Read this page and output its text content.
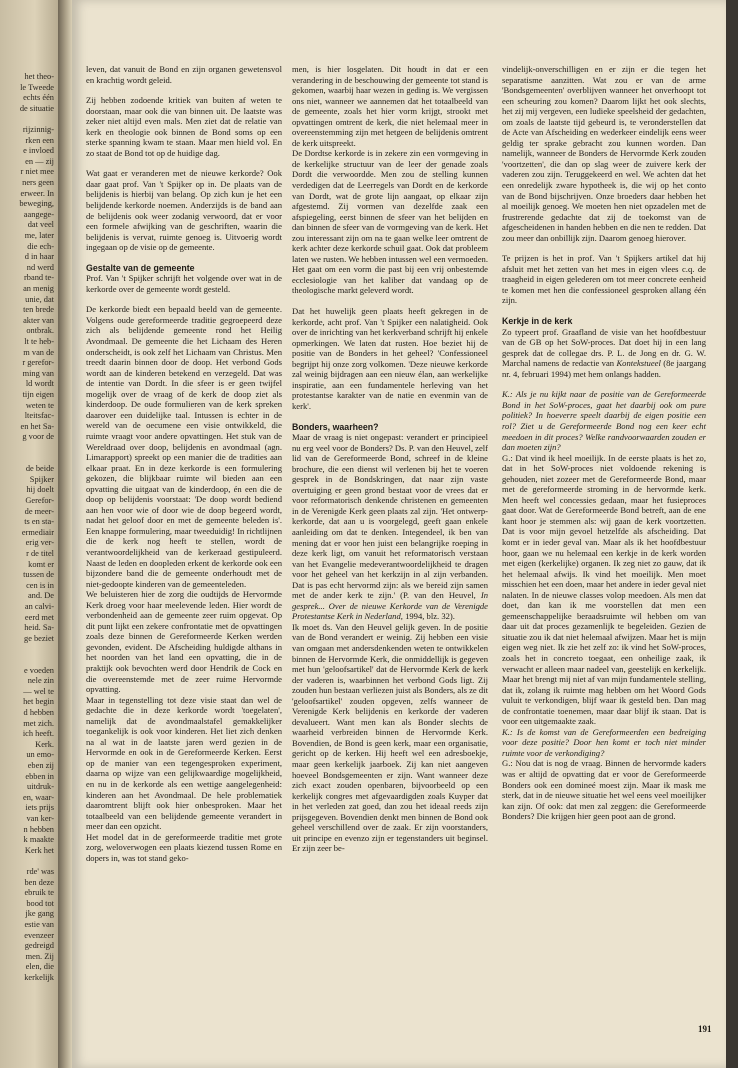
het theo-
le Tweede
echts één
de situatie
rijzinnig-
rken een
e invloed
en — zij
r niet mee
ners geen
erweer. In
beweging,
aangege-
dat veel
me, later
die ech-
d in haar
nd werd
rband te-
an menig
unie, dat
ten brede
akter van
ontbrak.
lt te heb-
m van de
r gerefor-
ming van
ld wordt
tijn eigen
weten te
lteitsfac-
en het Sa-
g voor de
de beide
Spijker
hij doelt
Gerefor-
de meer-
ts en sta-
ermediair
erig ver-
r de titel
komt er
tussen de
cen is in
and. De
an calvi-
eerd met
heid. Sa-
ge beziet
e voeden
nele zin
— wel te
het begin
d hebben
met zich.
ich heeft.
Kerk.
un emo-
eben zij
ebben in
uitdruk-
en, waar-
iets prijs
van ker-
n hebben
k maakte
Kerk het
rde' was
ben deze
ebruik te
bood tot
jke gang
estie van
evenzeer
gedreigd
men. Zij
elen, die
kerkelijk

leven, dat vanuit de Bond en zijn organen gewetensvol en krachtig wordt geleid.

Zij hebben zodoende kritiek van buiten af weten te doorstaan, maar ook die van binnen uit. De laatste was zeker niet altijd even mals. Men ziet dat de relatie van kerk en theologie ook binnen de Bond soms op een sterke spanning kwam te staan. Maar men hield vol. En zo staat de Bond tot op de huidige dag.

Wat gaat er veranderen met de nieuwe kerkorde? Ook daar gaat prof. Van 't Spijker op in. De plaats van de belijdenis is hierbij van belang. Op zich kun je het een belijdende kerkorde noemen. Anderzijds is de band aan de belijdenis ook weer zodanig verwoord, dat er voor een formele afwijking van de geschriften, waarin die belijdenis is vervat, ruimte genoeg is. Uitvoerig wordt ingegaan op de visie op de gemeente.

Gestalte van de gemeente

Prof. Van 't Spijker schrijft het volgende over wat in de kerkorde over de gemeente wordt gesteld.

De kerkorde biedt een bepaald beeld van de gemeente. Volgens oude gereformeerde traditie gegroepeerd deze zich als belijdende gemeente rond het Heilig Avondmaal. De gemeente die het Lichaam des Heren onderscheidt, is ook zelf het Lichaam van Christus. Men treedt daarin binnen door de doop. Het verbond Gods wordt aan de kinderen betekend en verzegeld. Dat was de intentie van Dordt. In die sfeer is er geen twijfel mogelijk over de vraag of de kerk de doop ziet als kinderdoop. De oude formulieren van de kerk spreken daarover een duidelijke taal. Intussen is echter in de wereld van de oecumene een visie ontwikkeld, die ruimte vraagt voor andere opvattingen. Het stuk van de Wereldraad over doop, belijdenis en avondmaal (agn. Limarapport) spreekt op een manier die de tradities aan elkaar praat. En in deze kerkorde is een formulering gekozen, die blijkbaar ruimte wil bieden aan een opvatting die uitgaat van de kinderdoop, én een die de doop op belijdenis voorstaat: 'De doop wordt bediend aan hen voor wie of door wie de doop begeerd wordt, nadat het geloof door en met de gemeente beleden is'. Een knappe formulering, maar tweeduidig! In richtlijnen die de kerk nog heeft te stellen, wordt de verantwoordelijkheid van de kerkeraad gestipuleerd. Naast de leden en doopleden erkent de kerkorde ook een bijzondere band die de gemeente onderhoudt met de niet-gedoopte kinderen van de gemeenteleden.

We beluisteren hier de zorg die oudtijds de Hervormde Kerk droeg voor haar meelevende leden. Hier wordt de verbondenheid aan de gemeente zeer ruim opgevat. Op dit punt lijkt een zekere confrontatie met de opvattingen zoals deze binnen de Gereformeerde Kerken werden gevonden, evident. De Afscheiding huldigde althans in het noorden van het land een opvatting, die in de praktijk ook bevochten werd door Hendrik de Cock en die overeenstemde met de zeer ruime Hervormde opvatting.

Maar in tegenstelling tot deze visie staat dan wel de gedachte die in deze kerkorde wordt 'toegelaten', namelijk dat de avondmaalstafel gemakkelijker toegankelijk is ook voor kinderen. Het liet zich denken na al wat in de laatste jaren werd gezien in de Hervormde en ook in de Gereformeerde Kerken. Eerst op de manier van een tegengesproken experiment, daarna op wijze van een gelijkwaardige mogelijkheid, en nu in de kerkorde als een wettige aangelegenheid: kinderen aan het Avondmaal. De hele problematiek daaromtrent blijft ook hier onbesproken. Maar het totaalbeeld van een belijdende gemeente verandert in meer dan een opzicht.

Het model dat in de gereformeerde traditie met grote zorg, weloverwogen een plaats kiezend tussen Rome en dopers in, was tot stand geko-

men, is hier losgelaten. Dit houdt in dat er een verandering in de beschouwing der gemeente tot stand is gekomen, waarbij haar wezen in geding is. We vergissen ons niet, wanneer we aannemen dat het totaalbeeld van de gemeente, zoals het hier vorm krijgt, strookt met opvattingen omtrent de kerk, die niet helemaal meer in overeenstemming zijn met hetgeen de belijdenis omtrent de kerk uitspreekt.

De Dordtse kerkorde is in zekere zin een vormgeving in de kerkelijke structuur van de leer der genade zoals Dordt die verwoordde. Men zou de stelling kunnen verdedigen dat de Leerregels van Dordt en de kerkorde van Dordt, wat de grote lijn aangaat, op elkaar zijn afgestemd. Zij vormen van dezelfde zaak een afspiegeling, eerst binnen de sfeer van het belijden en dan binnen de sfeer van de vormgeving van de kerk. Het zou interessant zijn om na te gaan welke leer omtrent de kerk achter deze kerkorde schuil gaat. Ook dat probleem laten we rusten. We hebben intussen wel een vermoeden. Het gaat om een vorm die past bij een vrij onbestemde ecclesiologie van het kaliber dat vandaag op de theologische markt geleverd wordt.

Dat het huwelijk geen plaats heeft gekregen in de kerkorde, acht prof. Van 't Spijker een nalatigheid. Ook over de inrichting van het kerkverband schrijft hij enkele opmerkingen. We laten dat rusten. Hoe beziet hij de positie van de Bonders in het geheel? 'Confessioneel begrijpt hij onze zorg volkomen. 'Deze nieuwe kerkorde zal weinig bijdragen aan een nieuw élan, aan werkelijke inspiratie, aan een fundamentele herleving van het protestantse karakter van de natie en evenmin van de kerk'.

Bonders, waarheen?

Maar de vraag is niet ongepast: verandert er principieel nu erg veel voor de Bonders? Ds. P. van den Heuvel, zelf lid van de Gereformeerde Bond, schreef in de kleine brochure, die een dienst wil verlenen bij het te voeren gesprek in de Bondskringen, dat naar zijn vaste overtuiging er geen grond bestaat voor de vrees dat er voor reformatorisch denkende christenen en gemeenten in de Verenigde Kerk geen plaats zal zijn. 'Het ontwerp-kerkorde, dat aan u is voorgelegd, geeft gaan enkele aanleiding om dat te denken. Integendeel, ik ben van mening dat er voor hen juist een belangrijke roeping in deze kerk ligt, om vanuit het reformatorisch verstaan van het Evangelie medeverantwoordelijkheid te dragen voor het geheel van het kerkzijn in al zijn verbanden. Dat is pas echt hervormd zijn: als we bereid zijn samen met de ander kerk te zijn.' (P. van den Heuvel, In gesprek... Over de nieuwe Kerkorde van de Verenigde Protestantse Kerk in Nederland, 1994, blz. 32).

Ik moet ds. Van den Heuvel gelijk geven. In de positie van de Bond verandert er weinig. Zij hebben een visie van omgaan met andersdenkenden weten te ontwikkelen binnen de Hervormde Kerk, die onmiddellijk is gegeven met hun 'geloofsartikel' dat de Hervormde Kerk de kerk der vaderen is, waarbinnen het verbond Gods ligt. Zij zouden hun bestaan verliezen juist als Bonders, als ze dit 'geloofsartikel' zouden opgeven, zelfs wanneer de Verenigde Kerk belijdenis en kerkorde der vaderen devalueert. Want men kan als Bonder slechts de waarheid verbreiden binnen de Hervormde Kerk. Bovendien, de Bond is geen kerk, maar een organisatie, gericht op de kerken. Hij heeft wel een adresboekje, maar geen kerkelijk jaarboek. Zij kan niet aangeven hoeveel Bondsgemeenten er zijn. Want wanneer deze zich exact zouden openbaren, bijvoorbeeld op een kerkelijk congres met afgevaardigden zoals Kuyper dat in het verleden zat goed, dan zou het ideaal reeds zijn prijsgegeven. Bovendien denkt men binnen de Bond ook geheel verschillend over de zaak. Er zijn voorstanders, uit principe en evenzo zijn er tegenstanders uit beginsel. Er zijn zeer be-

vindelijk-onverschilligen en er zijn er die tegen het separatisme aanzitten. Wat zou er van de arme 'Bondsgemeenten' overblijven wanneer het onverhoopt tot een scheuring zou komen? Daarom lijkt het ook slechts, het zij mij vergeven, een ludieke speelsheid der gedachten, om zoals de laatste tijd gebeurd is, te veronderstellen dat de Acte van Afscheiding en wederkeer eindelijk eens weer geldig ter sprake gebracht zou kunnen worden. Dan namelijk, wanneer de Bonders de Hervormde Kerk zouden 'voortzetten', die dan op slag weer de zuivere kerk der vaderen zou zijn. Teruggekeerd en wel. We achten dat het een onredelijk zware hypotheek is, die wij op het conto van de Bond bijschrijven. Onze broeders daar hebben het al moeilijk genoeg. We moeten hen niet opzadelen met de frustrerende gedachte dat zij de toekomst van de afgescheidenen in handen hebben en die nen te redden. Dat zou meer dan onbillijk zijn. Daarom genoeg hierover.

Te prijzen is het in prof. Van 't Spijkers artikel dat hij afsluit met het zetten van het mes in eigen vlees c.q. de traagheid in eigen gelederen om tot meer concrete eenheid te komen met hen die confessioneel gesproken allang één zijn.

Kerkje in de kerk

Zo typeert prof. Graafland de visie van het hoofdbestuur van de GB op het SoW-proces. Dat doet hij in een lang gesprek dat de collegae drs. P. L. de Jong en dr. G. W. Marchal namens de redactie van Kontekstueel (8e jaargang nr. 4, februari 1994) met hem onlangs hadden.

K.: Als je nu kijkt naar de positie van de Gereformeerde Bond in het SoW-proces, gaat het daarbij ook om pure politiek? In hoeverre speelt daarbij de eigen positie een rol? Ziet u de Gereformeerde Bond nog een keer echt meedoen in dit proces? Welke randvoorwaarden zouden er dan moeten zijn?

G.: Dat vind ik heel moeilijk. In de eerste plaats is het zo, dat in het SoW-proces niet voldoende rekening is gehouden, niet zozeer met de Gereformeerde Bond, maar met de gereformeerde stroming in de hervormde kerk. Men heeft wel concessies gedaan, maar het fusieproces gaat door. Wat de Gereformeerde Bond betreft, aan de ene kant hoor je stemmen als: wij gaan de kerk voortzetten. Dat is voor mijn gevoel hetzelfde als afscheiding. Dat komt er in ieder geval van. Maar als ik het hoofdbestuur hoor, gaan we nu helemaal een kerkje in de kerk worden met eigen (kerkelijke) organen. Ik zeg niet zo gauw, dat ik het helemaal afwijs. Ik vind het moeilijk. Men moet misschien het een doen, maar het andere in ieder geval niet nalaten. In de nieuwe classes volop meedoen. Als men dat doet, dan kan ik me voorstellen dat men een gemeenschappelijke beraadsruimte wil hebben om van daar uit dat proces gezamenlijk te begeleiden. Gezien de situatie zou ik dat niet helemaal afwijzen. Maar het is mijn eigen weg niet. Ik zie het zelf zo: ik vind het SoW-proces, zoals het in concreto toegaat, een onheilige zaak, ik verwacht er alleen maar nadeel van, geestelijk en kerkelijk. Maar het brengt mij niet af van mijn fundamentele stelling, dat ik, zolang ik ruimte mag hebben om het Woord Gods vuluit te verkondigen, blijf waar ik gesteld ben. Dan mag de confrontatie toenemen, maar daar blijf ik staan. Dat is voor een uitgemaakte zaak.

K.: Is de komst van de Gereformeerden een bedreiging voor deze positie? Door hen komt er toch niet minder ruimte voor de verkondiging?

G.: Nou dat is nog de vraag. Binnen de hervormde kaders was er altijd de opvatting dat er voor de Gereformeerde Bonders ook een domineé moest zijn. Maar ik mask me sterk, dat in de nieuwe situatie het wel eens veel moeilijker kan zijn. Of ook: dat men zal zeggen: die Gereformeerde Bonders? Die krijgen hier geen poot aan de grond.

191
